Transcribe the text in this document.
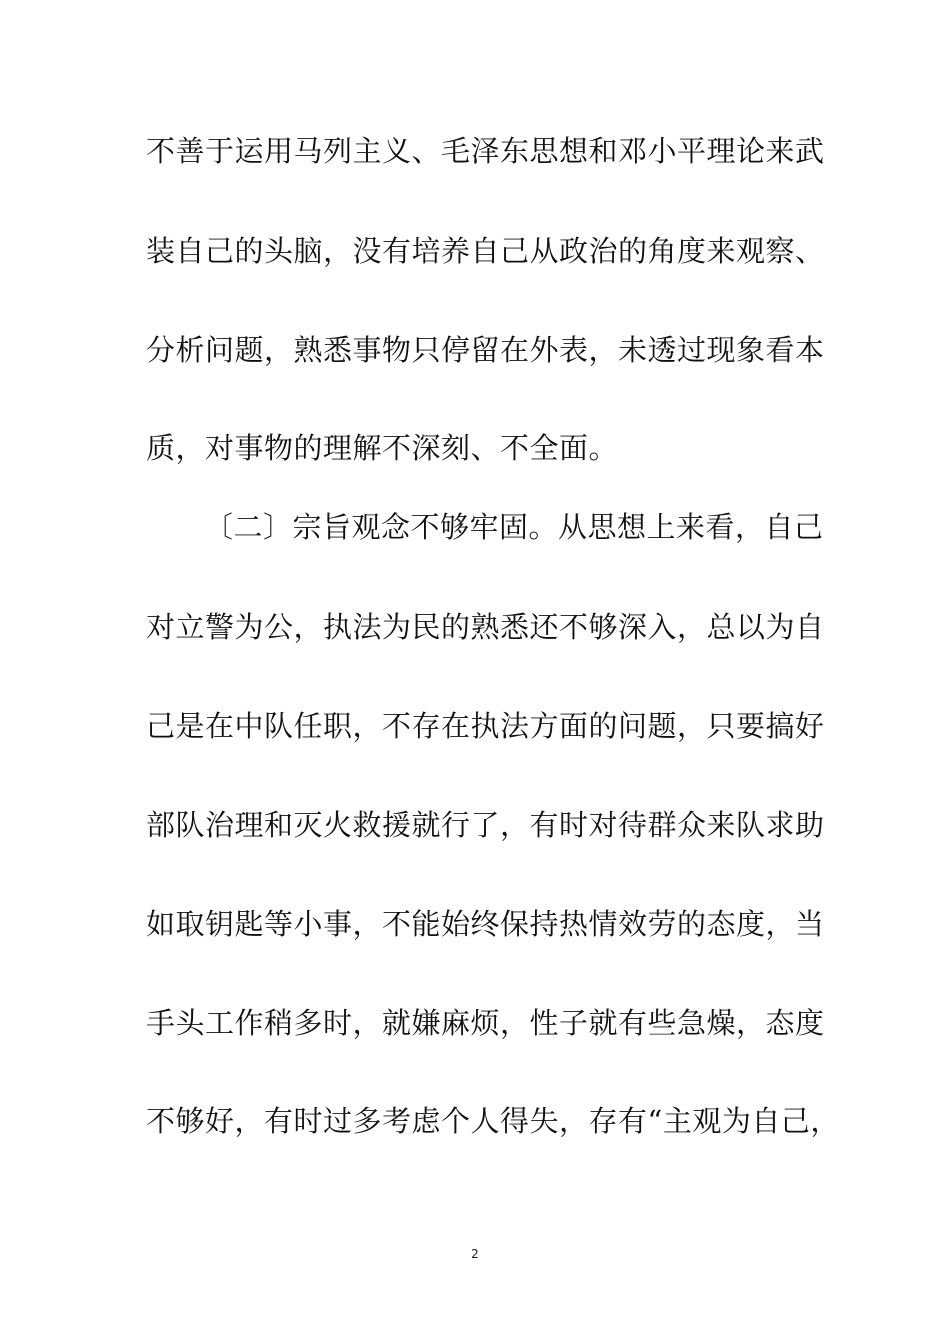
不善于运用马列主义、毛泽东思想和邓小平理论来武
装自己的头脑，没有培养自己从政治的角度来观察、
分析问题，熟悉事物只停留在外表，未透过现象看本
质，对事物的理解不深刻、不全面。
〔二〕宗旨观念不够牢固。从思想上来看，自己
对立警为公，执法为民的熟悉还不够深入，总以为自
己是在中队任职，不存在执法方面的问题，只要搞好
部队治理和灭火救援就行了，有时对待群众来队求助
如取钥匙等小事，不能始终保持热情效劳的态度，当
手头工作稍多时，就嫌麻烦，性子就有些急燥，态度
不够好，有时过多考虑个人得失，存有“主观为自己，
2
